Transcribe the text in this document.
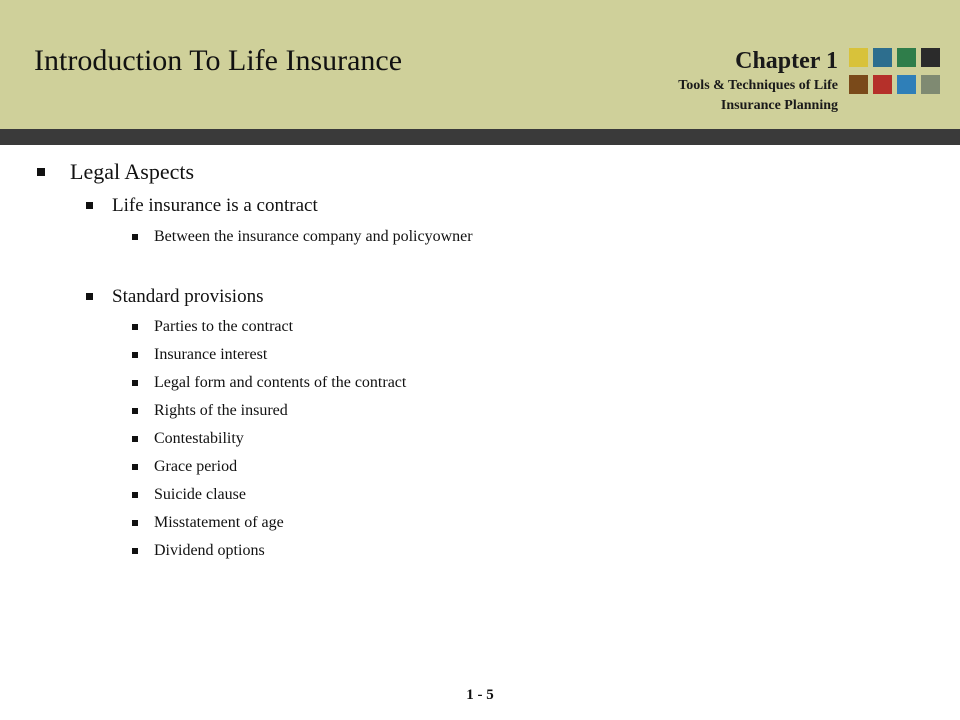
Introduction To Life Insurance	Chapter 1
Tools & Techniques of Life
Insurance Planning
Legal Aspects
Life insurance is a contract
Between the insurance company and policyowner
Standard provisions
Parties to the contract
Insurance interest
Legal form and contents of the contract
Rights of the insured
Contestability
Grace period
Suicide clause
Misstatement of age
Dividend options
1 - 5
